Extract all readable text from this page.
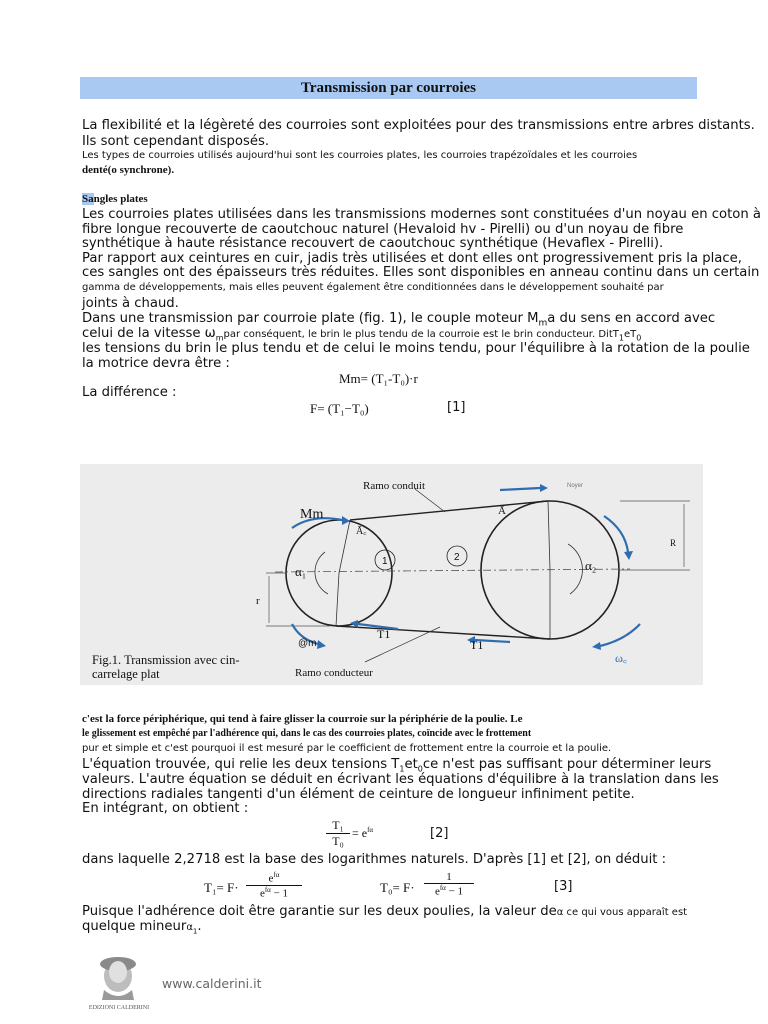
Transmission par courroies
La flexibilité et la légèreté des courroies sont exploitées pour des transmissions entre arbres distants.
Ils sont cependant disposés.
Les types de courroies utilisés aujourd'hui sont les courroies plates, les courroies trapézoïdales et les courroies
denté(o synchrone).
Sangles plates
Les courroies plates utilisées dans les transmissions modernes sont constituées d'un noyau en coton à
fibre longue recouverte de caoutchouc naturel (Hevaloid hv - Pirelli) ou d'un noyau de fibre
synthétique à haute résistance recouvert de caoutchouc synthétique (Hevaflex - Pirelli).
Par rapport aux ceintures en cuir, jadis très utilisées et dont elles ont progressivement pris la place,
ces sangles ont des épaisseurs très réduites. Elles sont disponibles en anneau continu dans un certain
gamma de développements, mais elles peuvent également être conditionnées dans le développement souhaité par
joints à chaud.
Dans une transmission par courroie plate (fig. 1), le couple moteur $M_ma$ du sens en accord avec
celui de la vitesse $\omega_mpar$ conséquent, le brin le plus tendu de la courroie est le brin conducteur. $DitT_1eT_0$
les tensions du brin le plus tendu et de celui le moins tendu, pour l'équilibre à la rotation de la poulie
la motrice devra être :
Mm= (T₁-T₀)·r
La différence :
F= (T₁−T₀)	[1]
Ramo conduit
Ramo conducteur
Mm	Ā
Ā꜀
1	2
α₁	α₂
r
R
T1
T1
@m
ω꜀
Noyer
Fig.1. Transmission avec cin-
carrelage plat
c'est la force périphérique, qui tend à faire glisser la courroie sur la périphérie de la poulie. Le
le glissement est empêché par l'adhérence qui, dans le cas des courroies plates, coïncide avec le frottement
pur et simple et c'est pourquoi il est mesuré par le coefficient de frottement entre la courroie et la poulie.
L'équation trouvée, qui relie les deux tensions $T_1et_0ce$ n'est pas suffisant pour déterminer leurs
valeurs. L'autre équation se déduit en écrivant les équations d'équilibre à la translation dans les
directions radiales tangenti d'un élément de ceinture de longueur infiniment petite.
En intégrant, on obtient :
$\frac{\text{T₁}}{\text{T₀}} = e^{f\alpha}$	[2]
dans laquelle 2,2718 est la base des logarithmes naturels. D'après [1] et [2], on déduit :
T₁= F·
$e^{f\alpha}$
$e^{f\alpha} - 1$	T₀= F·
1
$e^{f\alpha} - 1$	[3]
Puisque l'adhérence doit être garantie sur les deux poulies, la valeur deα ce qui vous apparaît est
quelque mineurα$_1$.
EDIZIONI CALDERINI
www.calderini.it
